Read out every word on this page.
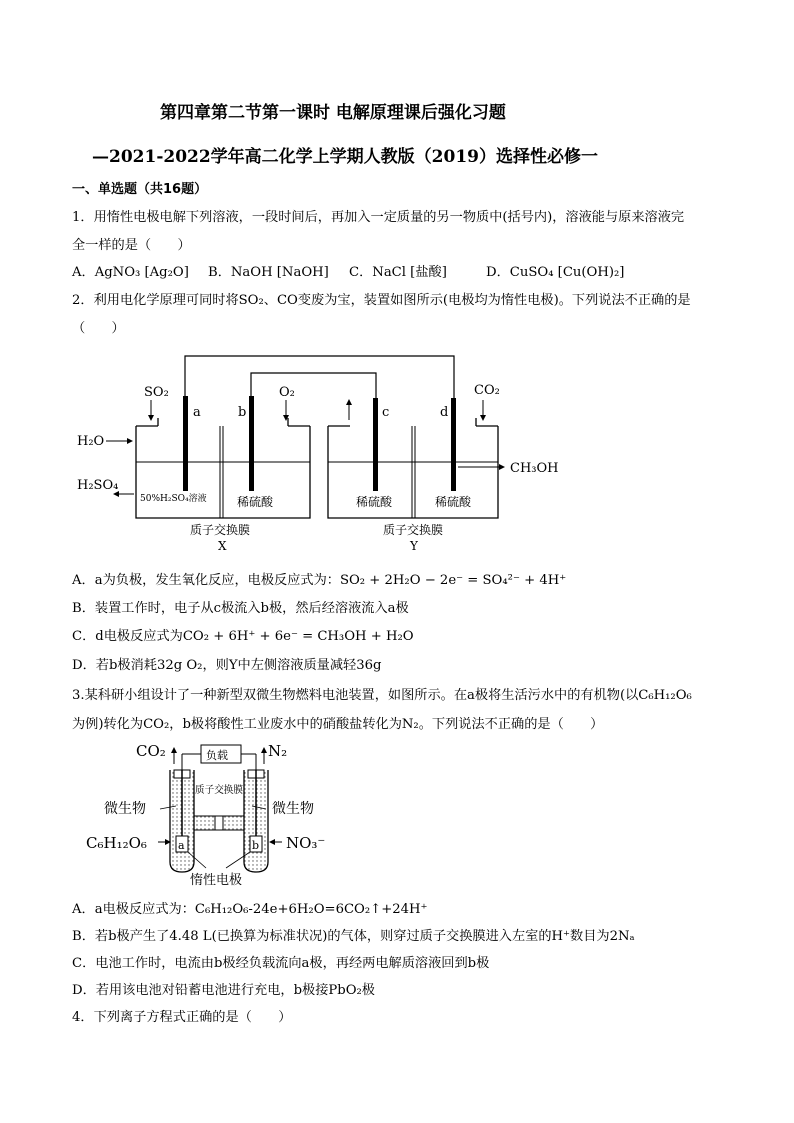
第四章第二节第一课时 电解原理课后强化习题
—2021-2022学年高二化学上学期人教版（2019）选择性必修一
一、单选题（共16题）
1．用惰性电极电解下列溶液，一段时间后，再加入一定质量的另一物质中(括号内)，溶液能与原来溶液完
全一样的是（　　）
A．AgNO₃ [Ag₂O] B．NaOH [NaOH] C．NaCl [盐酸]	D．CuSO₄ [Cu(OH)₂]
2．利用电化学原理可同时将SO₂、CO变废为宝，装置如图所示(电极均为惰性电极)。下列说法不正确的是
（　　）
SO₂	O₂	CO₂
H₂O
H₂SO₄
CH₃OH
a	b	c	d
50%H₂SO₄溶液	稀硫酸	稀硫酸	稀硫酸
质子交换膜	质子交换膜
X	Y
A．a为负极，发生氧化反应，电极反应式为：SO₂ + 2H₂O − 2e⁻ = SO₄²⁻ + 4H⁺
B．装置工作时，电子从c极流入b极，然后经溶液流入a极
C．d电极反应式为CO₂ + 6H⁺ + 6e⁻ = CH₃OH + H₂O
D．若b极消耗32g O₂，则Y中左侧溶液质量减轻36g
3.某科研小组设计了一种新型双微生物燃料电池装置，如图所示。在a极将生活污水中的有机物(以C₆H₁₂O₆
为例)转化为CO₂，b极将酸性工业废水中的硝酸盐转化为N₂。下列说法不正确的是（　　）
CO₂	N₂
负载
质子交换膜
微生物	微生物
C₆H₁₂O₆	NO₃⁻
a	b
惰性电极
A．a电极反应式为：C₆H₁₂O₆-24e+6H₂O=6CO₂↑+24H⁺
B．若b极产生了4.48 L(已换算为标准状况)的气体，则穿过质子交换膜进入左室的H⁺数目为2Nₐ
C．电池工作时，电流由b极经负载流向a极，再经两电解质溶液回到b极
D．若用该电池对铅蓄电池进行充电，b极接PbO₂极
4．下列离子方程式正确的是（　　）
